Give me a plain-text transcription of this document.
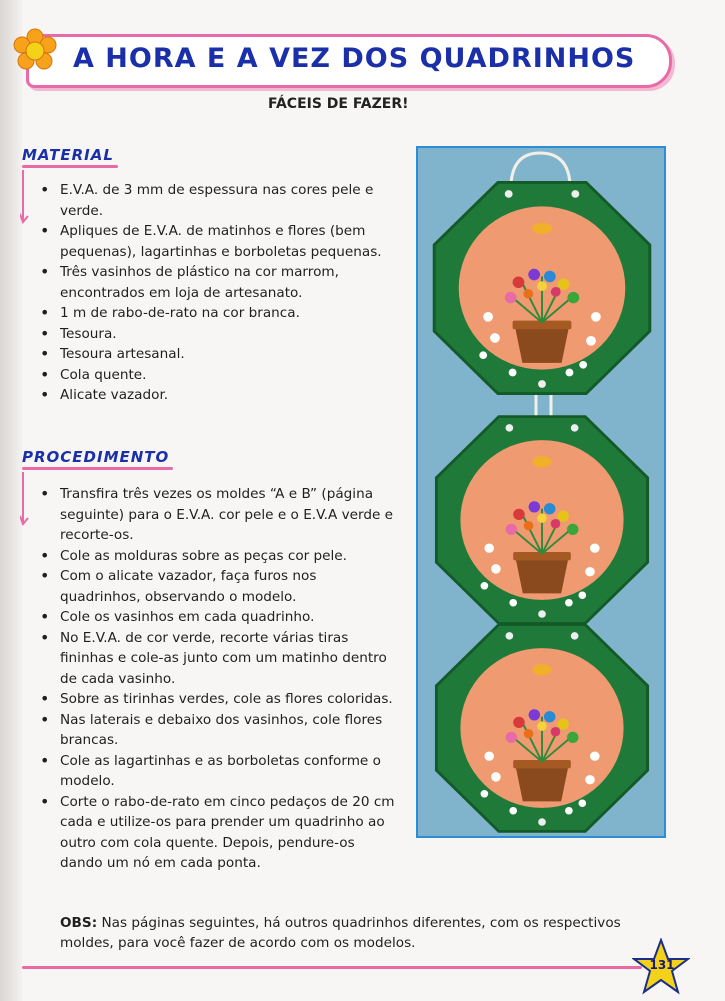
A HORA E A VEZ DOS QUADRINHOS
FÁCEIS DE FAZER!
MATERIAL
• E.V.A. de 3 mm de espessura nas cores pele e verde.
• Apliques de E.V.A. de matinhos e flores (bem pequenas), lagartinhas e borboletas pequenas.
• Três vasinhos de plástico na cor marrom, encontrados em loja de artesanato.
• 1 m de rabo-de-rato na cor branca.
• Tesoura.
• Tesoura artesanal.
• Cola quente.
• Alicate vazador.
PROCEDIMENTO
• Transfira três vezes os moldes “A e B” (página seguinte) para o E.V.A. cor pele e o E.V.A verde e recorte-os.
• Cole as molduras sobre as peças cor pele.
• Com o alicate vazador, faça furos nos quadrinhos, observando o modelo.
• Cole os vasinhos em cada quadrinho.
• No E.V.A. de cor verde, recorte várias tiras fininhas e cole-as junto com um matinho dentro de cada vasinho.
• Sobre as tirinhas verdes, cole as flores coloridas.
• Nas laterais e debaixo dos vasinhos, cole flores brancas.
• Cole as lagartinhas e as borboletas conforme o modelo.
• Corte o rabo-de-rato em cinco pedaços de 20 cm cada e utilize-os para prender um quadrinho ao outro com cola quente. Depois, pendure-os dando um nó em cada ponta.
OBS: Nas páginas seguintes, há outros quadrinhos diferentes, com os respectivos moldes, para você fazer de acordo com os modelos.
131
